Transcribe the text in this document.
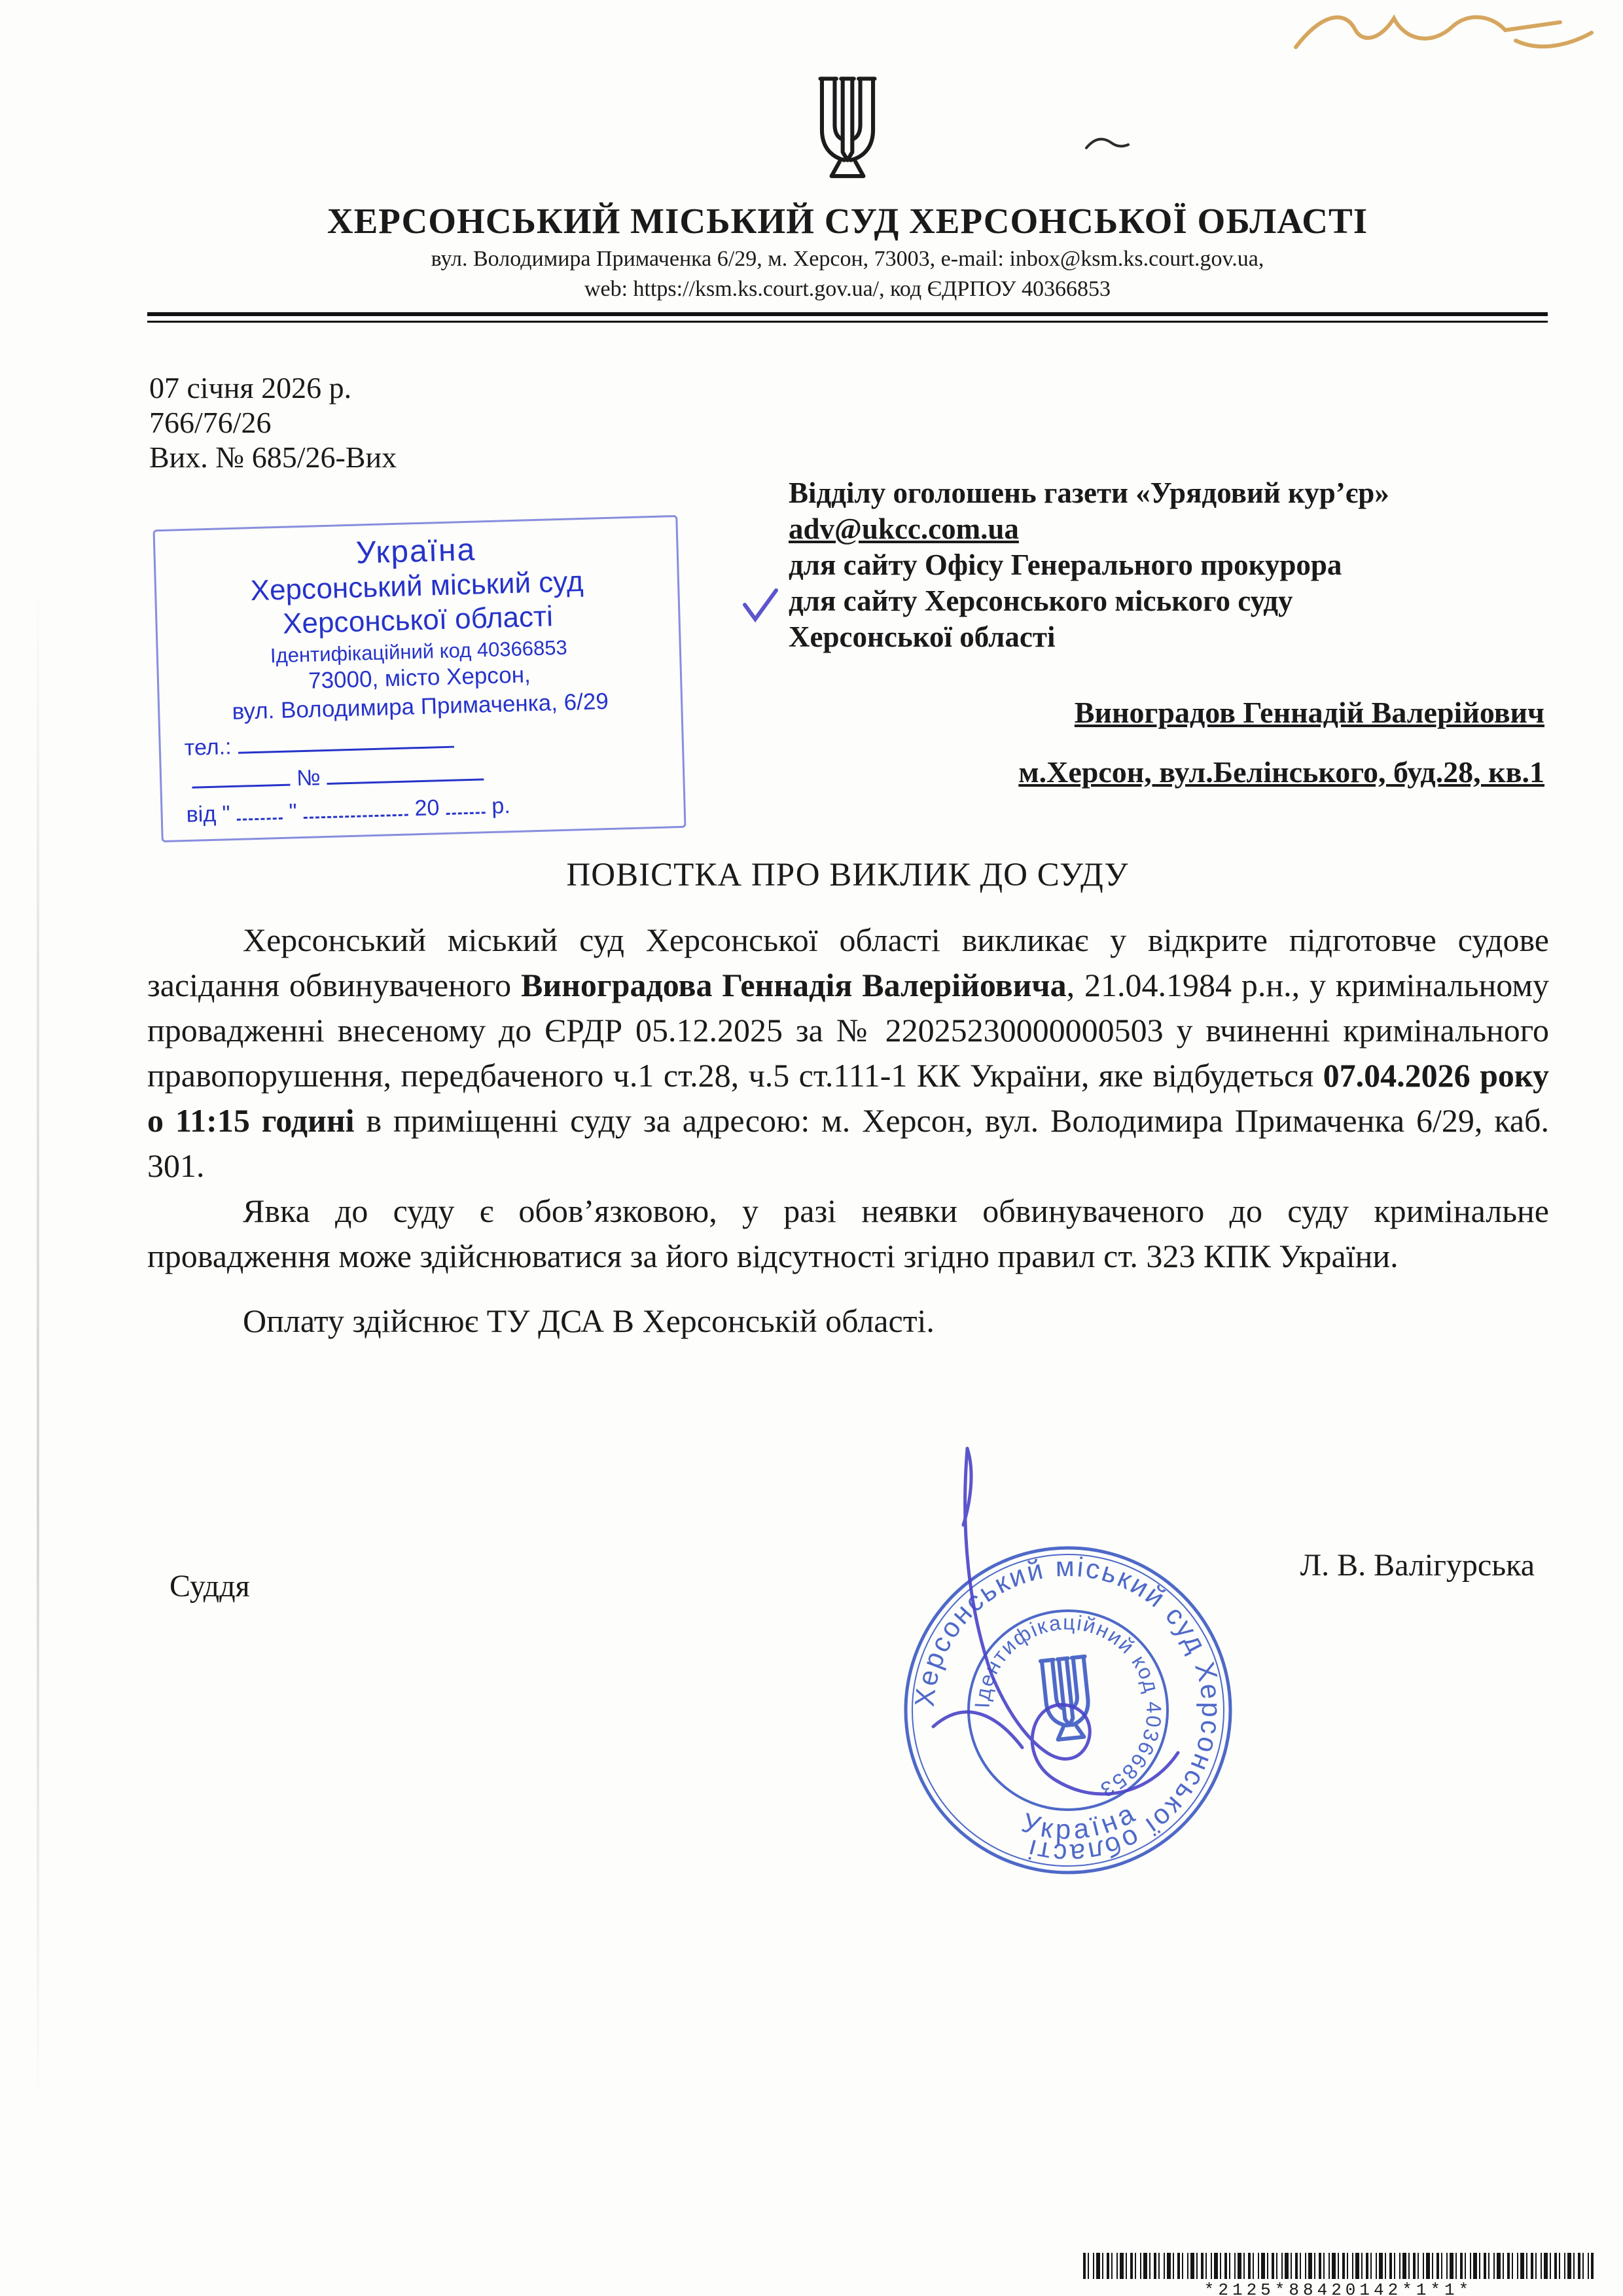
ХЕРСОНСЬКИЙ МІСЬКИЙ СУД ХЕРСОНСЬКОЇ ОБЛАСТІ
вул. Володимира Примаченка 6/29, м. Херсон, 73003, e-mail: inbox@ksm.ks.court.gov.ua,
web: https://ksm.ks.court.gov.ua/, код ЄДРПОУ 40366853
07 січня 2026 р.
766/76/26
Вих. № 685/26-Вих
Україна
Херсонський міський суд
Херсонської області
Ідентифікаційний код 40366853
73000, місто Херсон,
вул. Володимира Примаченка, 6/29
тел.:
№
від "	"	20 р.
Відділу оголошень газети «Урядовий кур’єр»
adv@ukcc.com.ua
для сайту Офісу Генерального прокурора
для сайту Херсонського міського суду
Херсонської області
Виноградов Геннадій Валерійович
м.Херсон, вул.Белінського, буд.28, кв.1
ПОВІСТКА ПРО ВИКЛИК ДО СУДУ

Херсонський міський суд Херсонської області викликає у відкрите підготовче судове засідання обвинуваченого Виноградова Геннадія Валерійовича, 21.04.1984 р.н., у кримінальному провадженні внесеному до ЄРДР 05.12.2025 за № 22025230000000503 у вчиненні кримінального правопорушення, передбаченого ч.1 ст.28, ч.5 ст.111-1 КК України, яке відбудеться 07.04.2026 року о 11:15 годині в приміщенні суду за адресою: м. Херсон, вул. Володимира Примаченка 6/29, каб. 301.

Явка до суду є обов’язковою, у разі неявки обвинуваченого до суду кримінальне провадження може здійснюватися за його відсутності згідно правил ст. 323 КПК України.

Оплату здійснює ТУ ДСА В Херсонській області.

Суддя
Л. В. Валігурська
Херсонський міський суд Херсонської області
Україна
Ідентифікаційний код 40366853
*2125*88420142*1*1*
